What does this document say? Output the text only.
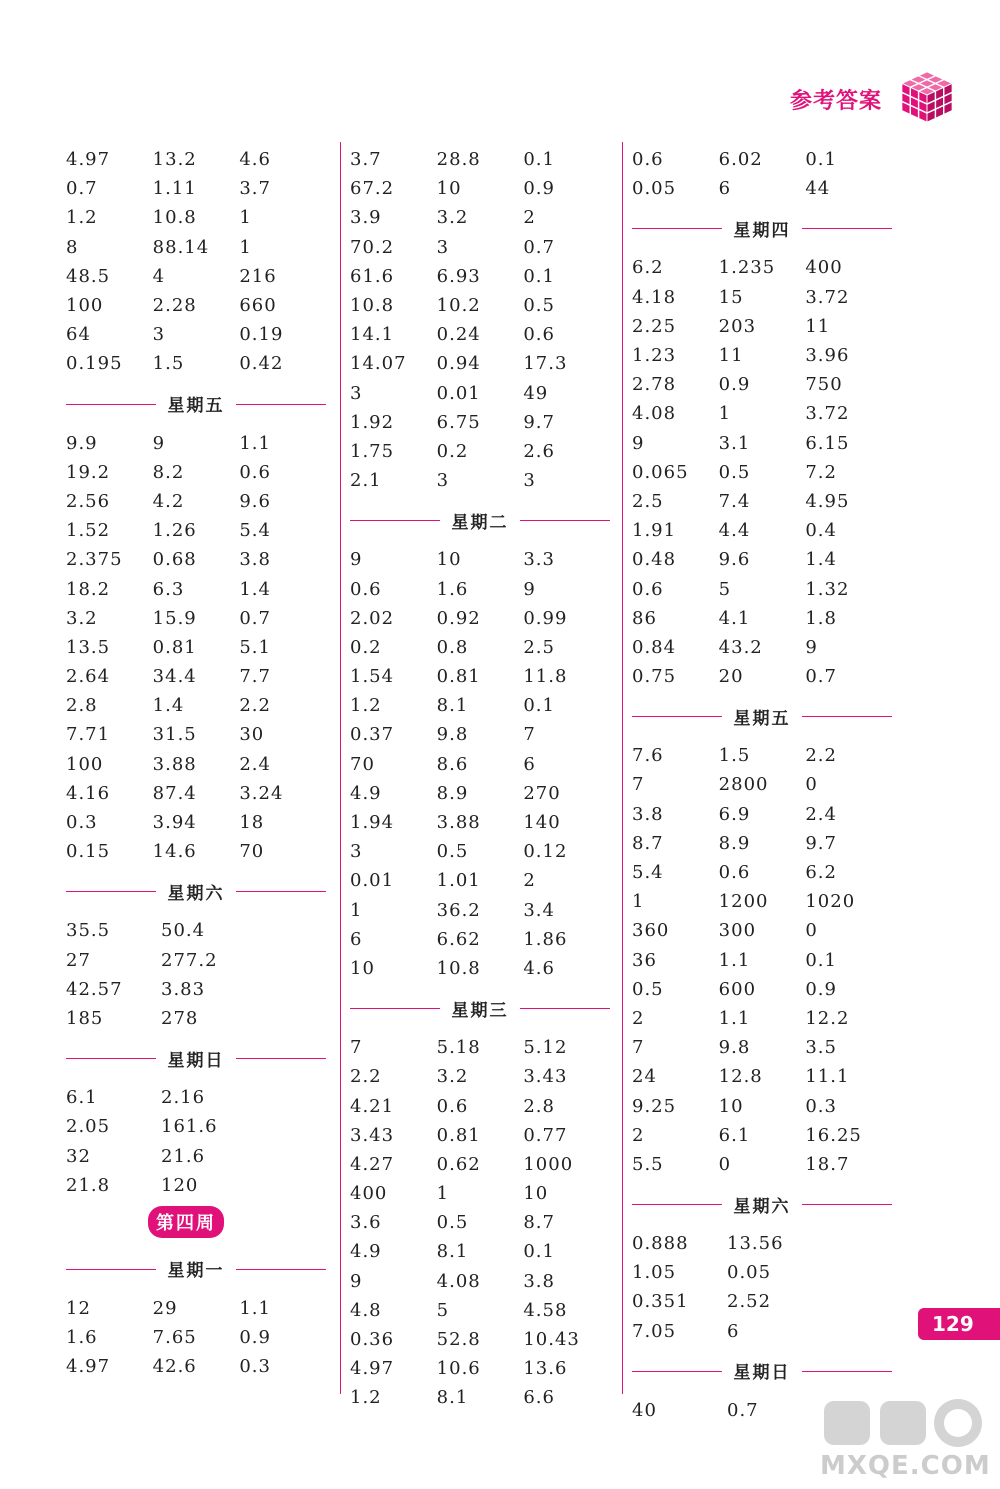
参考答案
4.97	13.2	4.6
0.7	1.11	3.7
1.2	10.8	1
8	88.14	1
48.5	4	216
100	2.28	660
64	3	0.19
0.195	1.5	0.42
星期五
9.9	9	1.1
19.2	8.2	0.6
2.56	4.2	9.6
1.52	1.26	5.4
2.375	0.68	3.8
18.2	6.3	1.4
3.2	15.9	0.7
13.5	0.81	5.1
2.64	34.4	7.7
2.8	1.4	2.2
7.71	31.5	30
100	3.88	2.4
4.16	87.4	3.24
0.3	3.94	18
0.15	14.6	70
星期六
35.5	50.4
27	277.2
42.57	3.83
185	278
星期日
6.1	2.16
2.05	161.6
32	21.6
21.8	120
第四周
星期一
12	29	1.1
1.6	7.65	0.9
4.97	42.6	0.3
3.7	28.8	0.1
67.2	10	0.9
3.9	3.2	2
70.2	3	0.7
61.6	6.93	0.1
10.8	10.2	0.5
14.1	0.24	0.6
14.07	0.94	17.3
3	0.01	49
1.92	6.75	9.7
1.75	0.2	2.6
2.1	3	3
星期二
9	10	3.3
0.6	1.6	9
2.02	0.92	0.99
0.2	0.8	2.5
1.54	0.81	11.8
1.2	8.1	0.1
0.37	9.8	7
70	8.6	6
4.9	8.9	270
1.94	3.88	140
3	0.5	0.12
0.01	1.01	2
1	36.2	3.4
6	6.62	1.86
10	10.8	4.6
星期三
7	5.18	5.12
2.2	3.2	3.43
4.21	0.6	2.8
3.43	0.81	0.77
4.27	0.62	1000
400	1	10
3.6	0.5	8.7
4.9	8.1	0.1
9	4.08	3.8
4.8	5	4.58
0.36	52.8	10.43
4.97	10.6	13.6
1.2	8.1	6.6
0.6	6.02	0.1
0.05	6	44
星期四
6.2	1.235	400
4.18	15	3.72
2.25	203	11
1.23	11	3.96
2.78	0.9	750
4.08	1	3.72
9	3.1	6.15
0.065	0.5	7.2
2.5	7.4	4.95
1.91	4.4	0.4
0.48	9.6	1.4
0.6	5	1.32
86	4.1	1.8
0.84	43.2	9
0.75	20	0.7
星期五
7.6	1.5	2.2
7	2800	0
3.8	6.9	2.4
8.7	8.9	9.7
5.4	0.6	6.2
1	1200	1020
360	300	0
36	1.1	0.1
0.5	600	0.9
2	1.1	12.2
7	9.8	3.5
24	12.8	11.1
9.25	10	0.3
2	6.1	16.25
5.5	0	18.7
星期六
0.888	13.56
1.05	0.05
0.351	2.52
7.05	6
星期日
40	0.7
129
MXQE.COM
